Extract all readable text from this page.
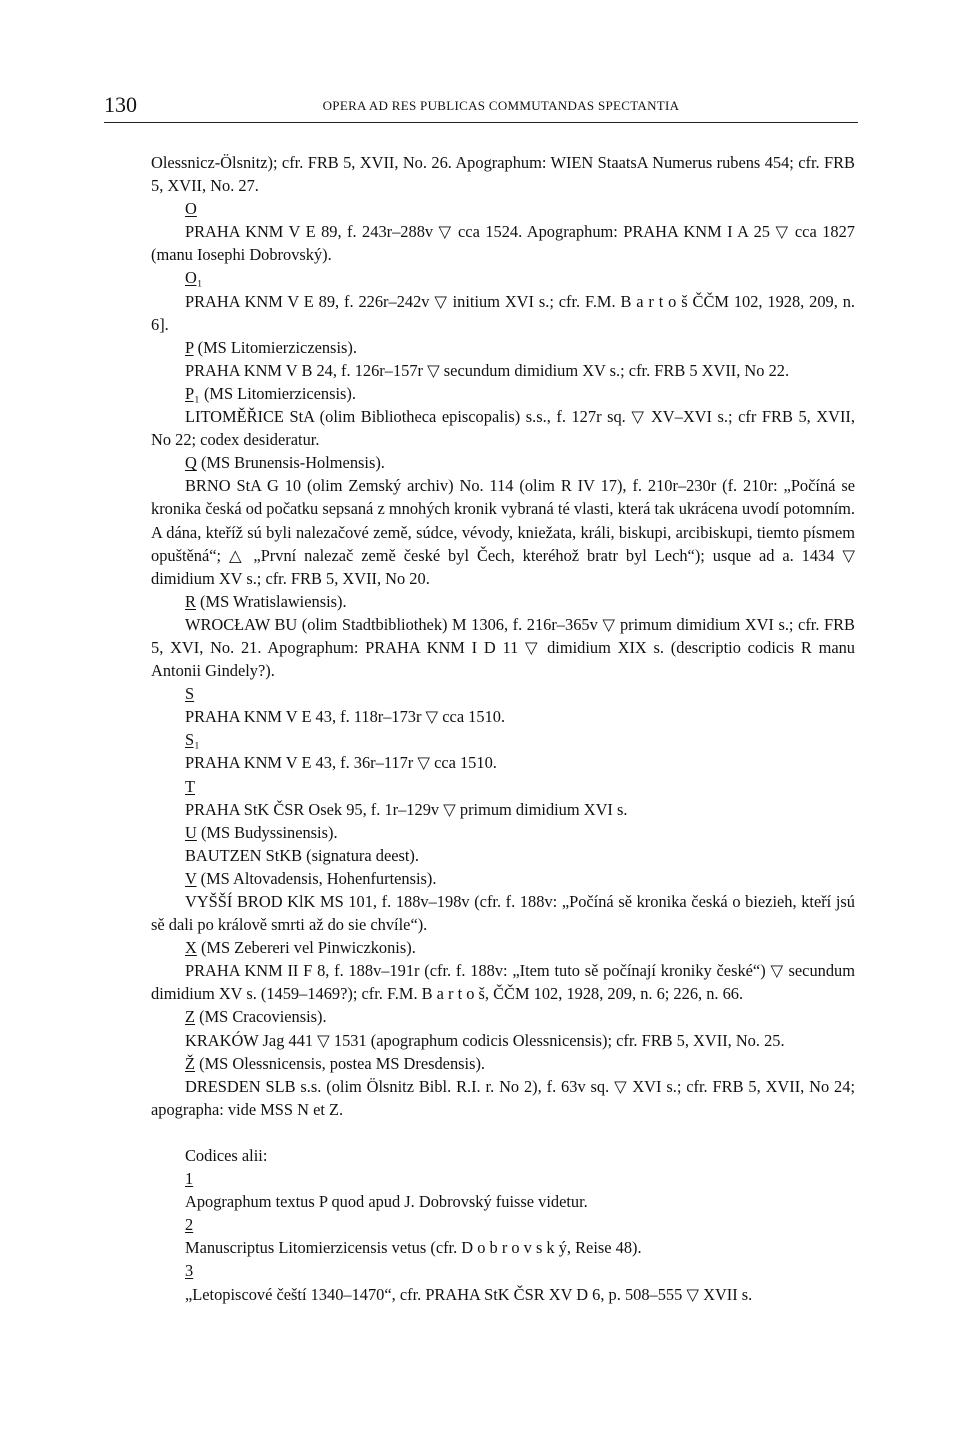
130	OPERA AD RES PUBLICAS COMMUTANDAS SPECTANTIA

Olessnicz-Ölsnitz); cfr. FRB 5, XVII, No. 26. Apographum: WIEN StaatsA Numerus rubens 454; cfr. FRB 5, XVII, No. 27.

O

PRAHA KNM V E 89, f. 243r–288v ▽ cca 1524. Apographum: PRAHA KNM I A 25 ▽ cca 1827 (manu Iosephi Dobrovský).

O₁

PRAHA KNM V E 89, f. 226r–242v ▽ initium XVI s.; cfr. F.M. B a r t o š ČČM 102, 1928, 209, n. 6].

P (MS Litomierziczensis).

PRAHA KNM V B 24, f. 126r–157r ▽ secundum dimidium XV s.; cfr. FRB 5 XVII, No 22.

P₁ (MS Litomierzicensis).

LITOMĚŘICE StA (olim Bibliotheca episcopalis) s.s., f. 127r sq. ▽ XV–XVI s.; cfr FRB 5, XVII, No 22; codex desideratur.

Q (MS Brunensis-Holmensis).

BRNO StA G 10 (olim Zemský archiv) No. 114 (olim R IV 17), f. 210r–230r (f. 210r: „Počíná se kronika česká od počatku sepsaná z mnohých kronik vybraná té vlasti, která tak ukrácena uvodí potomním. A dána, kteříž sú byli nalezačové země, súdce, vévody, kniežata, králi, biskupi, arcibiskupi, tiemto písmem opuštěná“; △ „První nalezač země české byl Čech, kteréhož bratr byl Lech“); usque ad a. 1434 ▽ dimidium XV s.; cfr. FRB 5, XVII, No 20.

R (MS Wratislawiensis).

WROCŁAW BU (olim Stadtbibliothek) M 1306, f. 216r–365v ▽ primum dimidium XVI s.; cfr. FRB 5, XVI, No. 21. Apographum: PRAHA KNM I D 11 ▽ dimidium XIX s. (descriptio codicis R manu Antonii Gindely?).

S

PRAHA KNM V E 43, f. 118r–173r ▽ cca 1510.

S₁

PRAHA KNM V E 43, f. 36r–117r ▽ cca 1510.

T

PRAHA StK ČSR Osek 95, f. 1r–129v ▽ primum dimidium XVI s.

U (MS Budyssinensis).

BAUTZEN StKB (signatura deest).

V (MS Altovadensis, Hohenfurtensis).

VYŠŠÍ BROD KlK MS 101, f. 188v–198v (cfr. f. 188v: „Počíná sě kronika česká o biezieh, kteří jsú sě dali po králově smrti až do sie chvíle“).

X (MS Zebereri vel Pinwiczkonis).

PRAHA KNM II F 8, f. 188v–191r (cfr. f. 188v: „Item tuto sě počínají kroniky české“) ▽ secundum dimidium XV s. (1459–1469?); cfr. F.M. B a r t o š, ČČM 102, 1928, 209, n. 6; 226, n. 66.

Z (MS Cracoviensis).

KRAKÓW Jag 441 ▽ 1531 (apographum codicis Olessnicensis); cfr. FRB 5, XVII, No. 25.

Ž (MS Olessnicensis, postea MS Dresdensis).

DRESDEN SLB s.s. (olim Ölsnitz Bibl. R.I. r. No 2), f. 63v sq. ▽ XVI s.; cfr. FRB 5, XVII, No 24; apographa: vide MSS N et Z.

Codices alii:

1

Apographum textus P quod apud J. Dobrovský fuisse videtur.

2

Manuscriptus Litomierzicensis vetus (cfr. D o b r o v s k ý, Reise 48).

3

„Letopiscové čeští 1340–1470“, cfr. PRAHA StK ČSR XV D 6, p. 508–555 ▽ XVII s.
